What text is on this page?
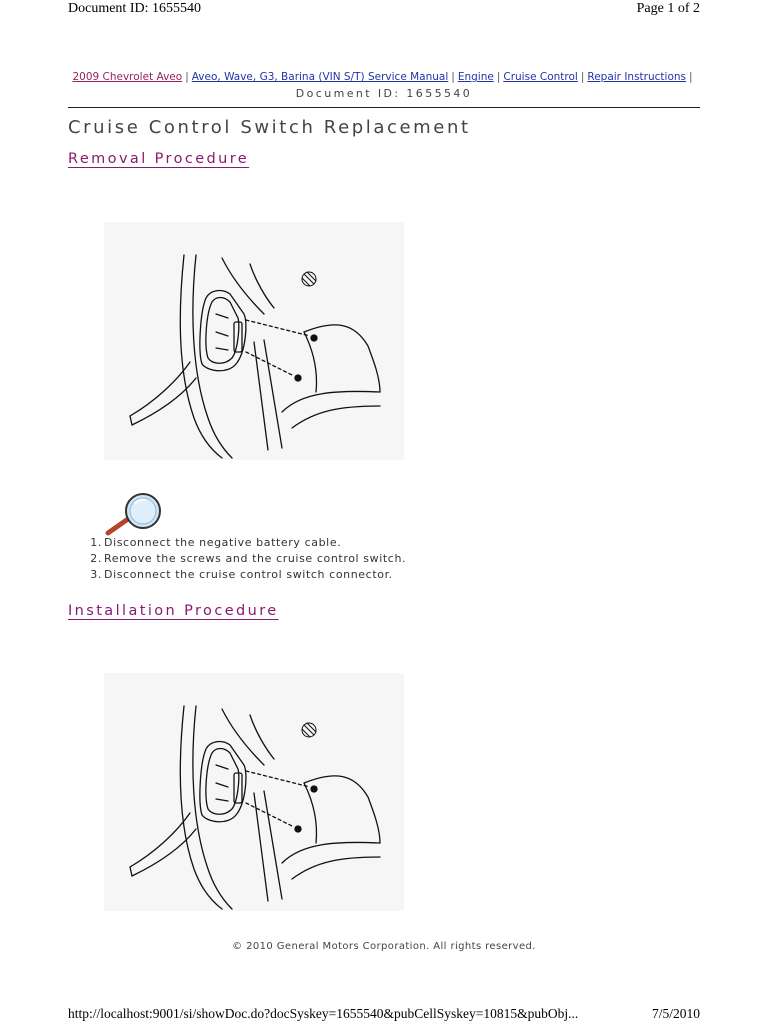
Document ID: 1655540	Page 1 of 2
2009 Chevrolet Aveo | Aveo, Wave, G3, Barina (VIN S/T) Service Manual | Engine | Cruise Control | Repair Instructions |
Document ID: 1655540
Cruise Control Switch Replacement
Removal Procedure
1. Disconnect the negative battery cable.
2. Remove the screws and the cruise control switch.
3. Disconnect the cruise control switch connector.
Installation Procedure
© 2010 General Motors Corporation. All rights reserved.
http://localhost:9001/si/showDoc.do?docSyskey=1655540&pubCellSyskey=10815&pubObj...	7/5/2010
